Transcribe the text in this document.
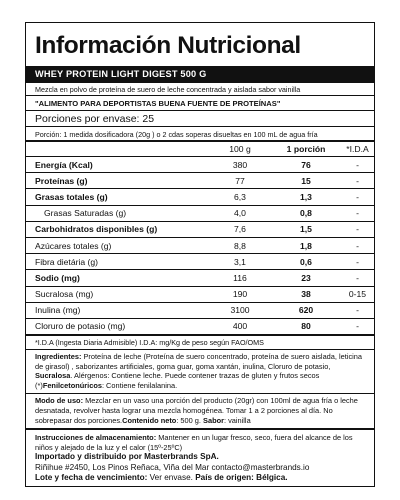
Información Nutricional
WHEY PROTEIN LIGHT DIGEST 500 G
Mezcla en polvo de proteína de suero de leche concentrada y aislada sabor vainilla
"ALIMENTO PARA DEPORTISTAS BUENA FUENTE DE PROTEÍNAS"
Porciones por envase: 25
Porción: 1 medida dosificadora (20g ) o 2 cdas soperas disueltas en 100 mL de agua fría
	100 g	1 porción	*I.D.A
Energía (Kcal)	380	76	-
Proteínas (g)	77	15	-
Grasas totales (g)	6,3	1,3	-
Grasas Saturadas (g)	4,0	0,8	-
Carbohidratos disponibles (g)	7,6	1,5	-
Azúcares totales (g)	8,8	1,8	-
Fibra dietária (g)	3,1	0,6	-
Sodio (mg)	116	23	-
Sucralosa (mg)	190	38	0-15
Inulina (mg)	3100	620	-
Cloruro de potasio (mg)	400	80	-
*I.D.A (Ingesta Diaria Admisible) I.D.A: mg/Kg de peso según FAO/OMS
Ingredientes: Proteína de leche (Proteína de suero concentrado, proteína de suero aislada, leticina de girasol) , saborizantes artificiales, goma guar, goma xantán, inulina, Cloruro de potasio, Sucralosa. Alérgenos: Contiene leche. Puede contener trazas de gluten y frutos secos (*)Fenilcetonúricos: Contiene fenilalanina.
Modo de uso: Mezclar en un vaso una porción del producto (20gr) con 100ml de agua fría o leche desnatada, revolver hasta lograr una mezcla homogénea. Tomar 1 a 2 porciones al día. No sobrepasar dos porciones.Contenido neto: 500 g. Sabor: vainilla
Instrucciones de almacenamiento: Mantener en un lugar fresco, seco, fuera del alcance de los niños y alejado de la luz y el calor (15º-25ºC)
Importado y distribuido por Masterbrands SpA.
Riñihue #2450, Los Pinos Reñaca, Viña del Mar contacto@masterbrands.io
Lote y fecha de vencimiento: Ver envase. País de origen: Bélgica.
